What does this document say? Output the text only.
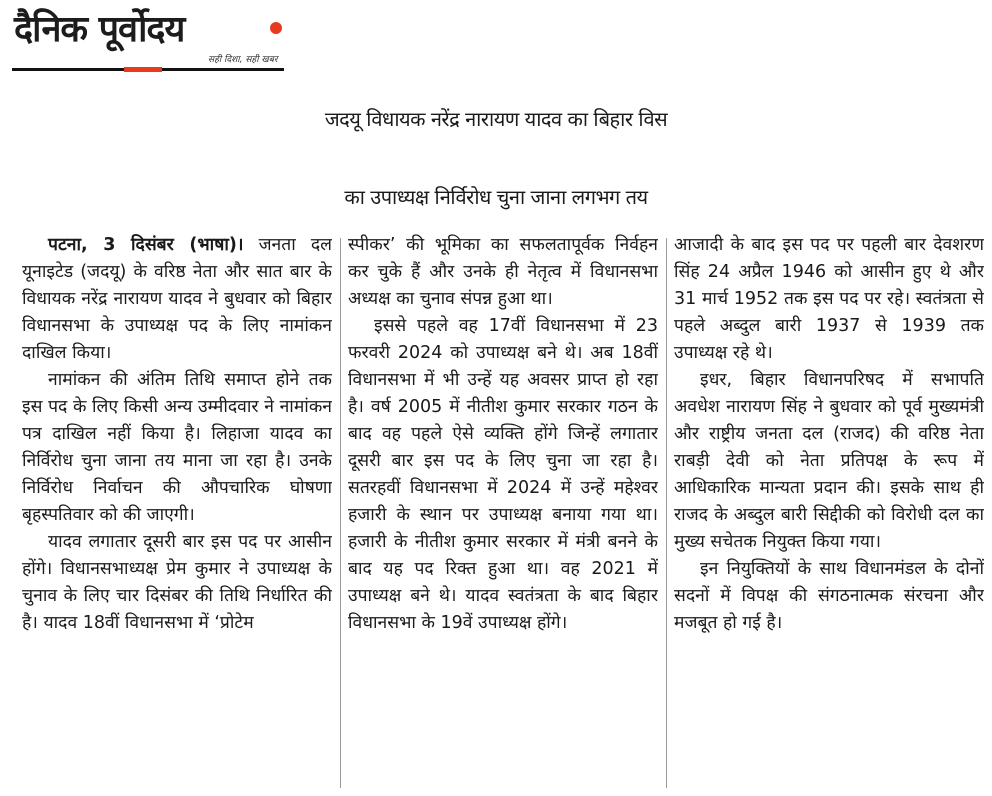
दैनिक पूर्वोदय
सही दिशा, सही खबर
जदयू विधायक नरेंद्र नारायण यादव का बिहार विस
का उपाध्यक्ष निर्विरोध चुना जाना लगभग तय

पटना, 3 दिसंबर (भाषा)। जनता दल यूनाइटेड (जदयू) के वरिष्ठ नेता और सात बार के विधायक नरेंद्र नारायण यादव ने बुधवार को बिहार विधानसभा के उपाध्यक्ष पद के लिए नामांकन दाखिल किया।

नामांकन की अंतिम तिथि समाप्त होने तक इस पद के लिए किसी अन्य उम्मीदवार ने नामांकन पत्र दाखिल नहीं किया है। लिहाजा यादव का निर्विरोध चुना जाना तय माना जा रहा है। उनके निर्विरोध निर्वाचन की औपचारिक घोषणा बृहस्पतिवार को की जाएगी।

यादव लगातार दूसरी बार इस पद पर आसीन होंगे। विधानसभाध्यक्ष प्रेम कुमार ने उपाध्यक्ष के चुनाव के लिए चार दिसंबर की तिथि निर्धारित की है। यादव 18वीं विधानसभा में ‘प्रोटेम

स्पीकर’ की भूमिका का सफलतापूर्वक निर्वहन कर चुके हैं और उनके ही नेतृत्व में विधानसभा अध्यक्ष का चुनाव संपन्न हुआ था।

इससे पहले वह 17वीं विधानसभा में 23 फरवरी 2024 को उपाध्यक्ष बने थे। अब 18वीं विधानसभा में भी उन्हें यह अवसर प्राप्त हो रहा है। वर्ष 2005 में नीतीश कुमार सरकार गठन के बाद वह पहले ऐसे व्यक्ति होंगे जिन्हें लगातार दूसरी बार इस पद के लिए चुना जा रहा है। सतरहवीं विधानसभा में 2024 में उन्हें महेश्वर हजारी के स्थान पर उपाध्यक्ष बनाया गया था। हजारी के नीतीश कुमार सरकार में मंत्री बनने के बाद यह पद रिक्त हुआ था। वह 2021 में उपाध्यक्ष बने थे। यादव स्वतंत्रता के बाद बिहार विधानसभा के 19वें उपाध्यक्ष होंगे।

आजादी के बाद इस पद पर पहली बार देवशरण सिंह 24 अप्रैल 1946 को आसीन हुए थे और 31 मार्च 1952 तक इस पद पर रहे। स्वतंत्रता से पहले अब्दुल बारी 1937 से 1939 तक उपाध्यक्ष रहे थे।

इधर, बिहार विधानपरिषद में सभापति अवधेश नारायण सिंह ने बुधवार को पूर्व मुख्यमंत्री और राष्ट्रीय जनता दल (राजद) की वरिष्ठ नेता राबड़ी देवी को नेता प्रतिपक्ष के रूप में आधिकारिक मान्यता प्रदान की। इसके साथ ही राजद के अब्दुल बारी सिद्दीकी को विरोधी दल का मुख्य सचेतक नियुक्त किया गया।

इन नियुक्तियों के साथ विधानमंडल के दोनों सदनों में विपक्ष की संगठनात्मक संरचना और मजबूत हो गई है।
